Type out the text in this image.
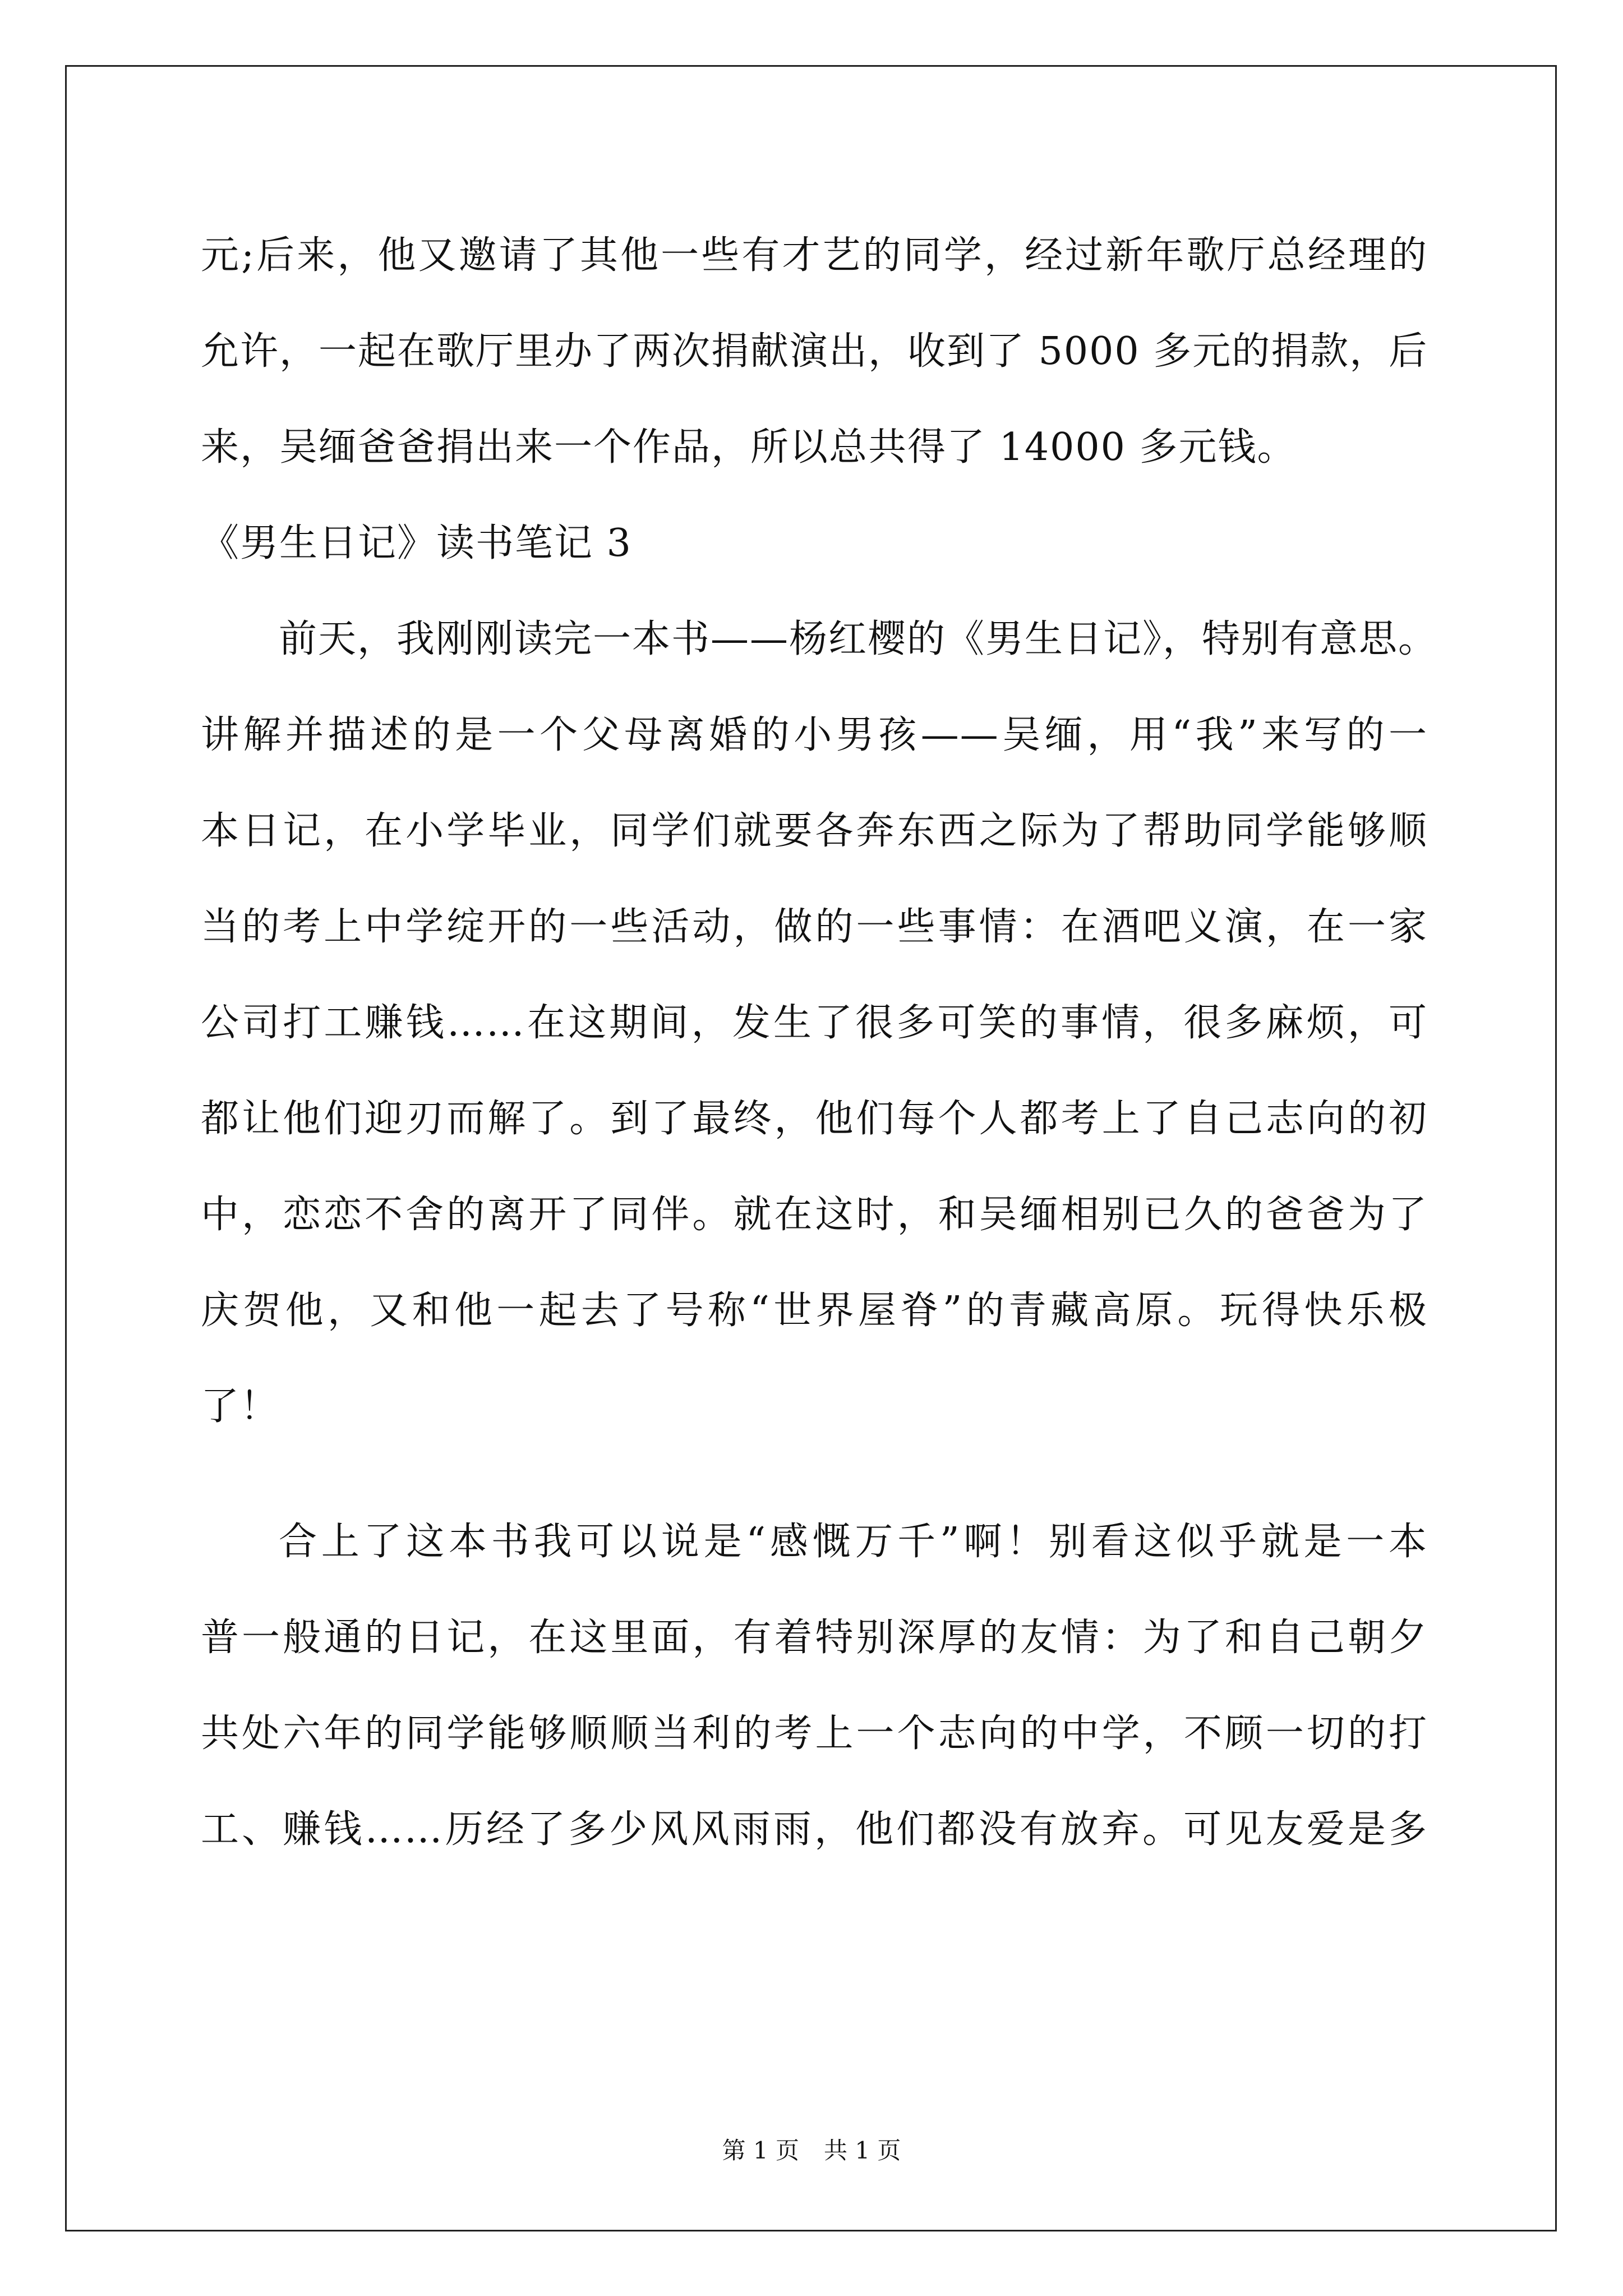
元;后来，他又邀请了其他一些有才艺的同学，经过新年歌厅总经理的
允许，一起在歌厅里办了两次捐献演出，收到了 5000 多元的捐款，后
来，吴缅爸爸捐出来一个作品，所以总共得了 14000 多元钱。
《男生日记》读书笔记 3
前天，我刚刚读完一本书——杨红樱的《男生日记》，特别有意思。
讲解并描述的是一个父母离婚的小男孩——吴缅，用“我”来写的一
本日记，在小学毕业，同学们就要各奔东西之际为了帮助同学能够顺
当的考上中学绽开的一些活动，做的一些事情：在酒吧义演，在一家
公司打工赚钱……在这期间，发生了很多可笑的事情，很多麻烦，可
都让他们迎刃而解了。到了最终，他们每个人都考上了自己志向的初
中，恋恋不舍的离开了同伴。就在这时，和吴缅相别已久的爸爸为了
庆贺他，又和他一起去了号称“世界屋脊”的青藏高原。玩得快乐极
了！
合上了这本书我可以说是“感慨万千”啊！别看这似乎就是一本
普一般通的日记，在这里面，有着特别深厚的友情：为了和自己朝夕
共处六年的同学能够顺顺当利的考上一个志向的中学，不顾一切的打
工、赚钱……历经了多少风风雨雨，他们都没有放弃。可见友爱是多
第 1 页 共 1 页
